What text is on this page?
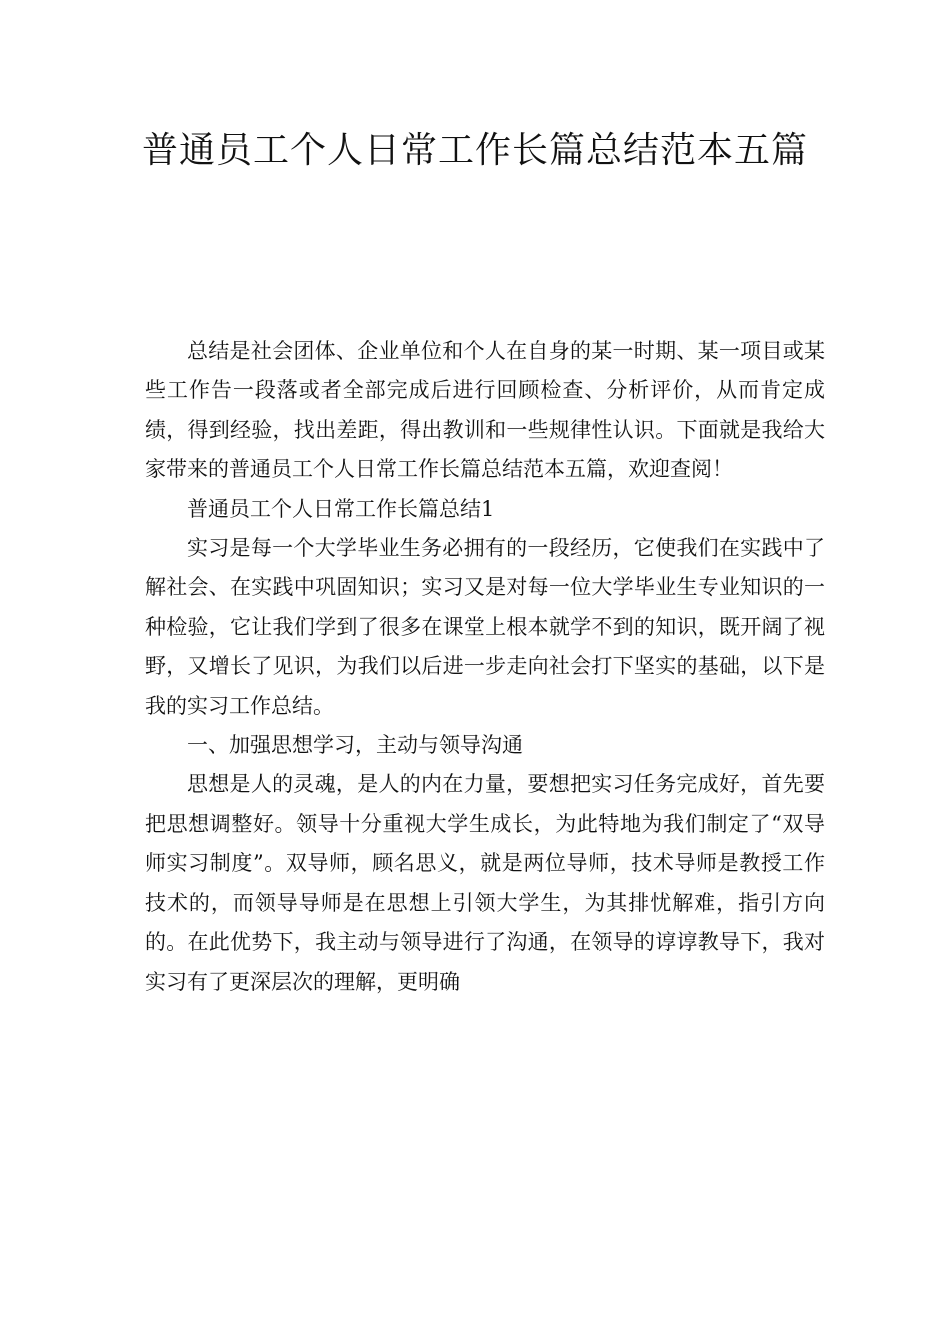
普通员工个人日常工作长篇总结范本五篇

总结是社会团体、企业单位和个人在自身的某一时期、某一项目或某些工作告一段落或者全部完成后进行回顾检查、分析评价，从而肯定成绩，得到经验，找出差距，得出教训和一些规律性认识。下面就是我给大家带来的普通员工个人日常工作长篇总结范本五篇，欢迎查阅！

普通员工个人日常工作长篇总结1

实习是每一个大学毕业生务必拥有的一段经历，它使我们在实践中了解社会、在实践中巩固知识；实习又是对每一位大学毕业生专业知识的一种检验，它让我们学到了很多在课堂上根本就学不到的知识，既开阔了视野，又增长了见识，为我们以后进一步走向社会打下坚实的基础，以下是我的实习工作总结。

一、加强思想学习，主动与领导沟通

思想是人的灵魂，是人的内在力量，要想把实习任务完成好，首先要把思想调整好。领导十分重视大学生成长，为此特地为我们制定了“双导师实习制度”。双导师，顾名思义，就是两位导师，技术导师是教授工作技术的，而领导导师是在思想上引领大学生，为其排忧解难，指引方向的。在此优势下，我主动与领导进行了沟通，在领导的谆谆教导下，我对实习有了更深层次的理解，更明确
